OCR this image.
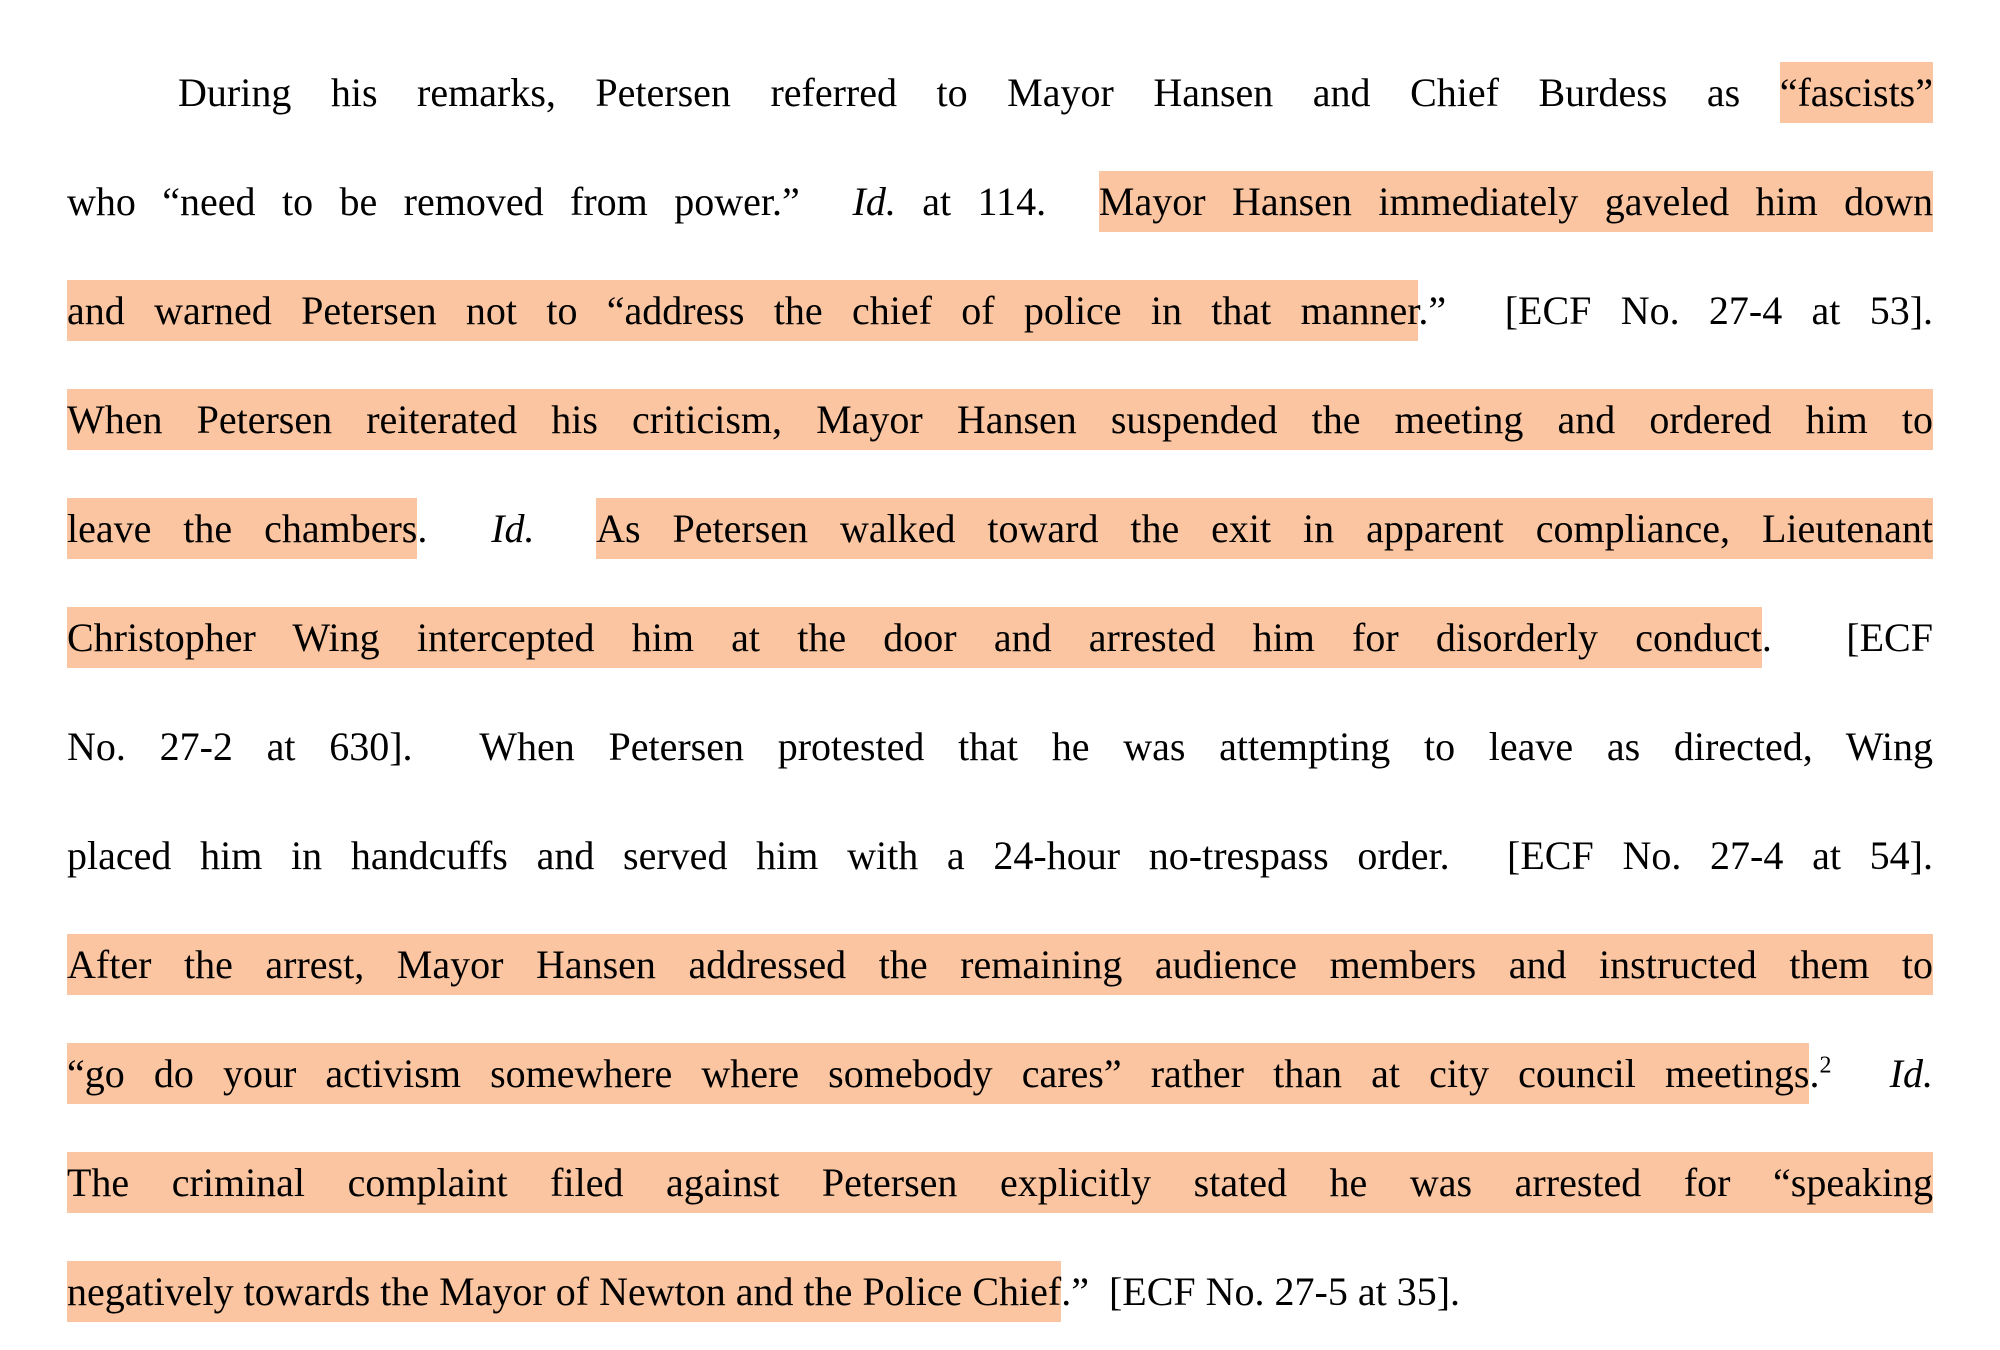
During his remarks, Petersen referred to Mayor Hansen and Chief Burdess as “fascists”
who “need to be removed from power.”  Id. at 114.  Mayor Hansen immediately gaveled him down
and warned Petersen not to “address the chief of police in that manner.”  [ECF No. 27-4 at 53].
When Petersen reiterated his criticism, Mayor Hansen suspended the meeting and ordered him to
leave the chambers.  Id. As Petersen walked toward the exit in apparent compliance, Lieutenant
Christopher Wing intercepted him at the door and arrested him for disorderly conduct.  [ECF
No. 27-2 at 630].  When Petersen protested that he was attempting to leave as directed, Wing
placed him in handcuffs and served him with a 24-hour no-trespass order.  [ECF No. 27-4 at 54].
After the arrest, Mayor Hansen addressed the remaining audience members and instructed them to
“go do your activism somewhere where somebody cares” rather than at city council meetings.$^2$ Id.
The criminal complaint filed against Petersen explicitly stated he was arrested for “speaking
negatively towards the Mayor of Newton and the Police Chief.”  [ECF No. 27-5 at 35].
